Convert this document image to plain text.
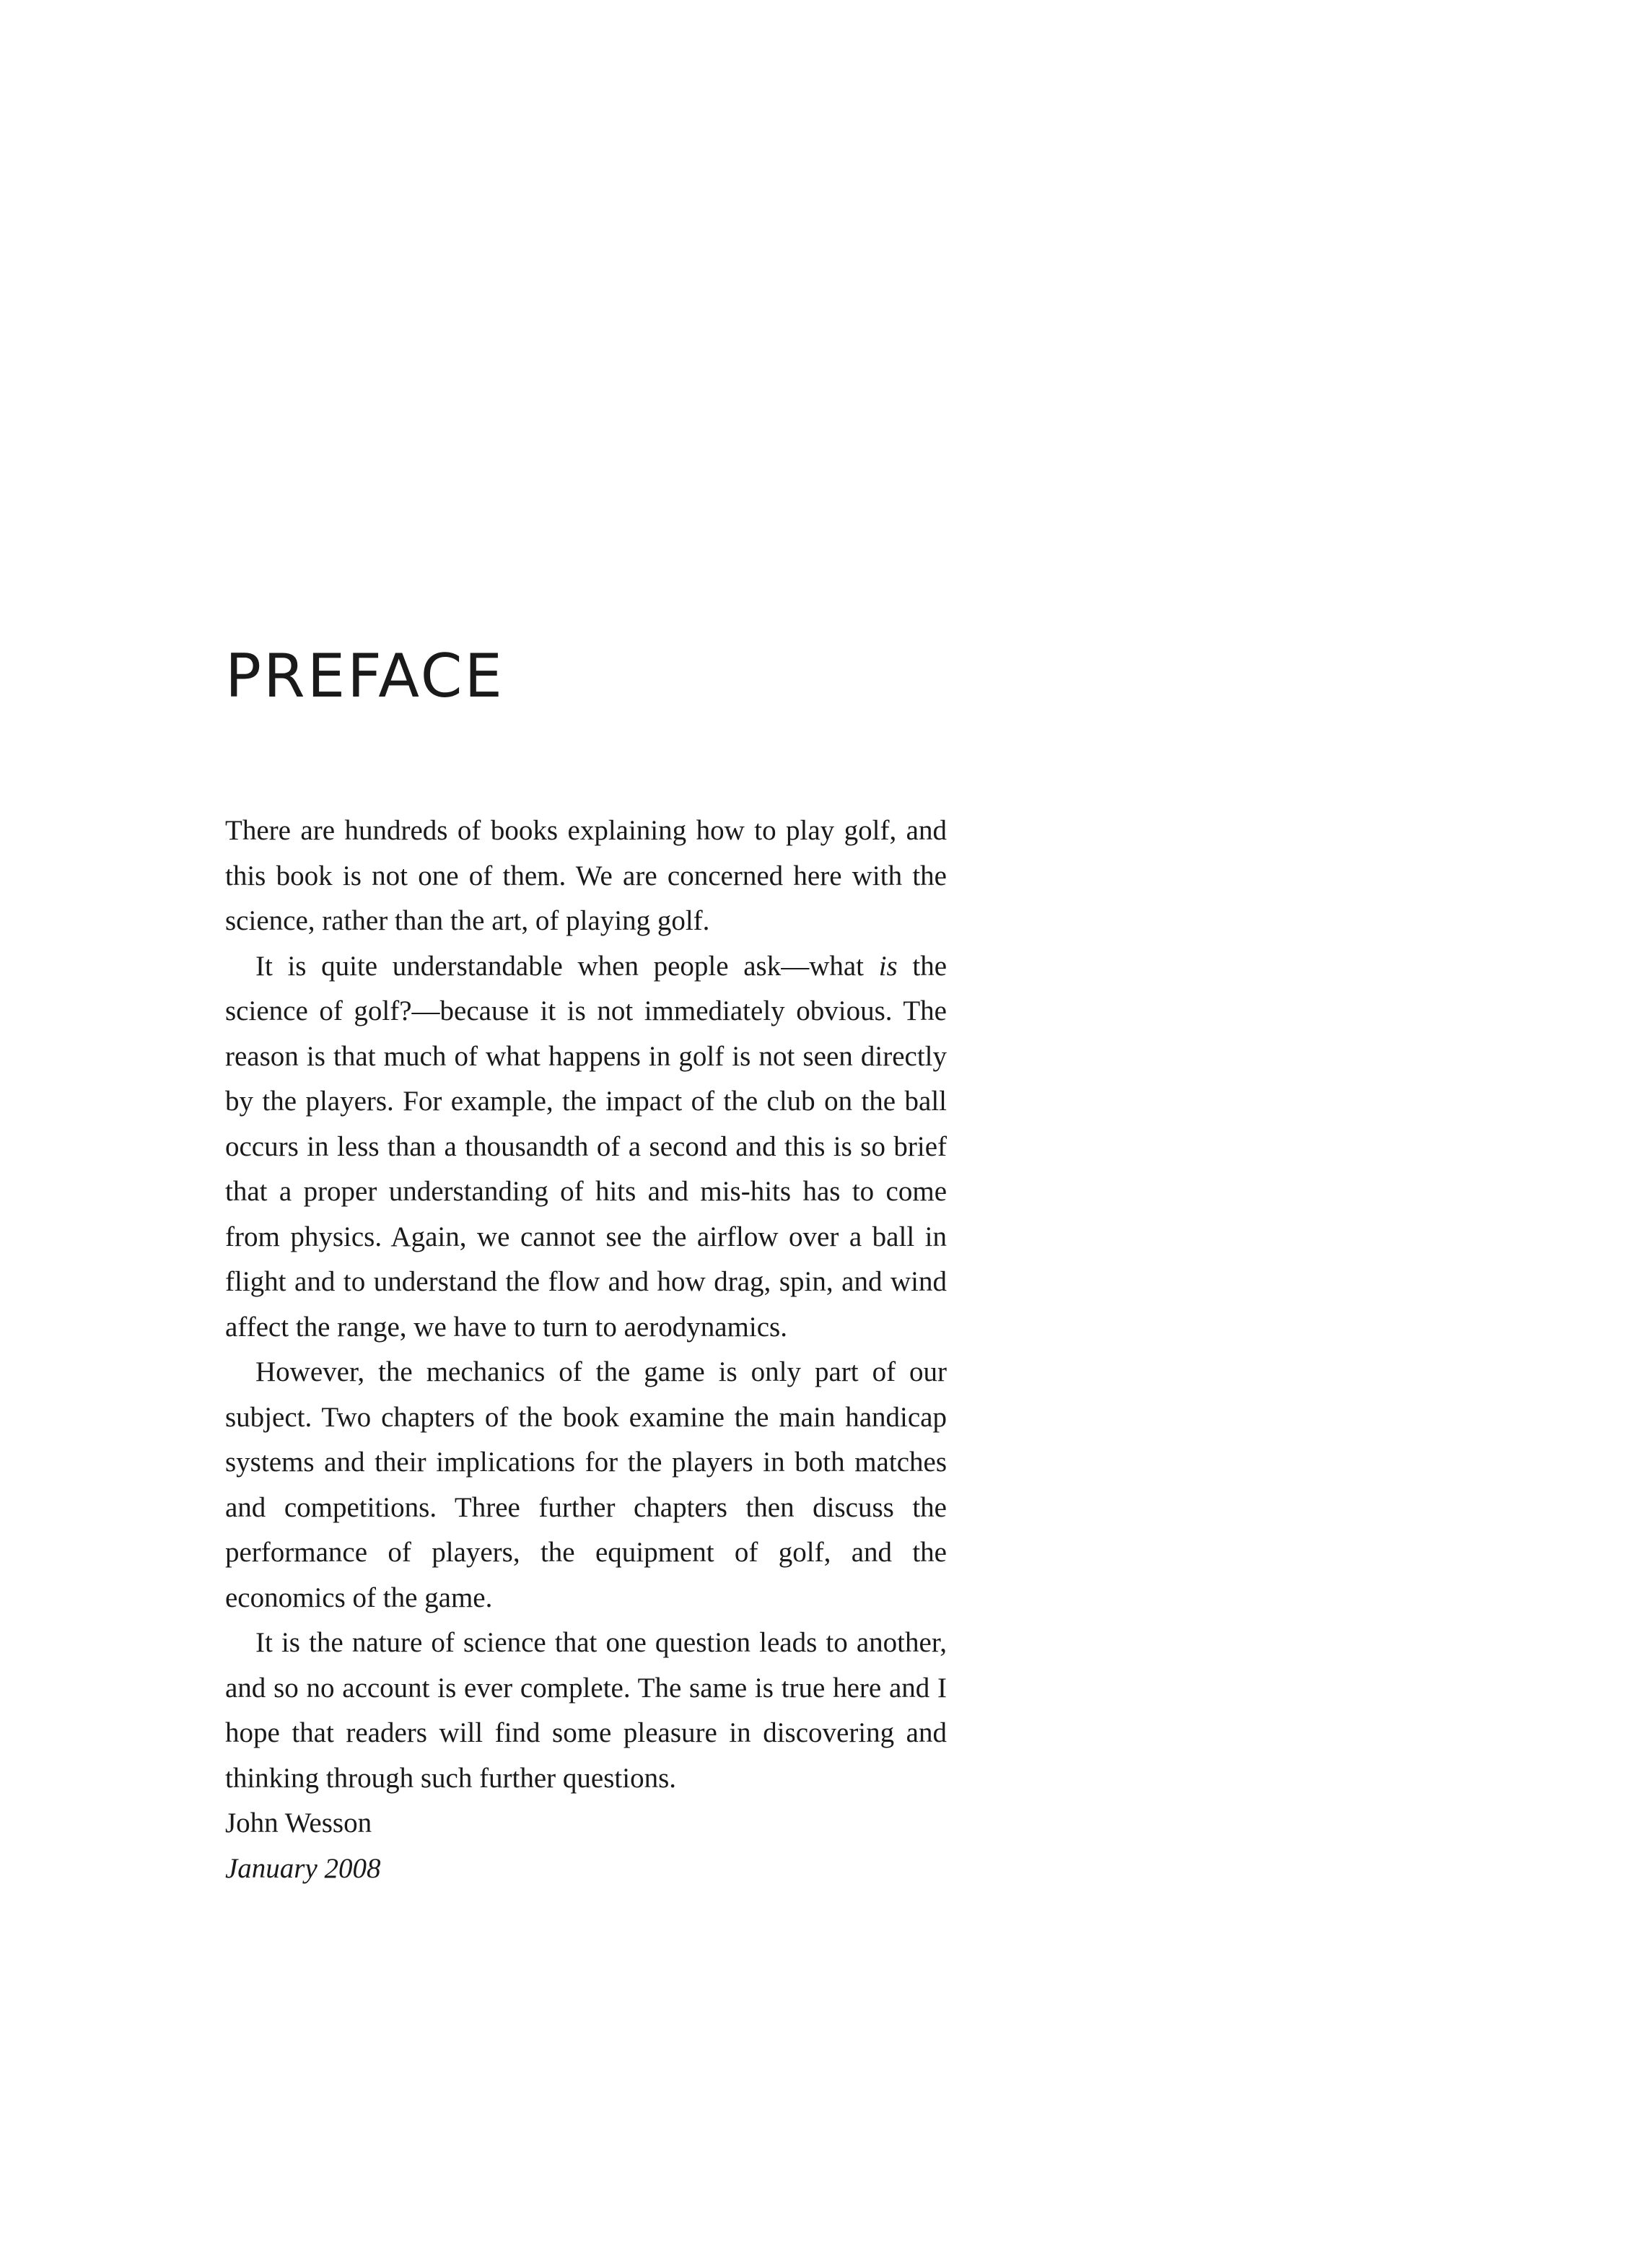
PREFACE

There are hundreds of books explaining how to play golf, and this book is not one of them. We are concerned here with the science, rather than the art, of playing golf.

It is quite understandable when people ask—what is the science of golf?—because it is not immediately obvious. The reason is that much of what happens in golf is not seen directly by the players. For example, the impact of the club on the ball occurs in less than a thousandth of a second and this is so brief that a proper understanding of hits and mis-hits has to come from physics. Again, we cannot see the airflow over a ball in flight and to understand the flow and how drag, spin, and wind affect the range, we have to turn to aerodynamics.

However, the mechanics of the game is only part of our subject. Two chapters of the book examine the main handicap systems and their implications for the players in both matches and competitions. Three further chapters then discuss the performance of players, the equipment of golf, and the economics of the game.

It is the nature of science that one question leads to another, and so no account is ever complete. The same is true here and I hope that readers will find some pleasure in discovering and thinking through such further questions.

John Wesson

January 2008
